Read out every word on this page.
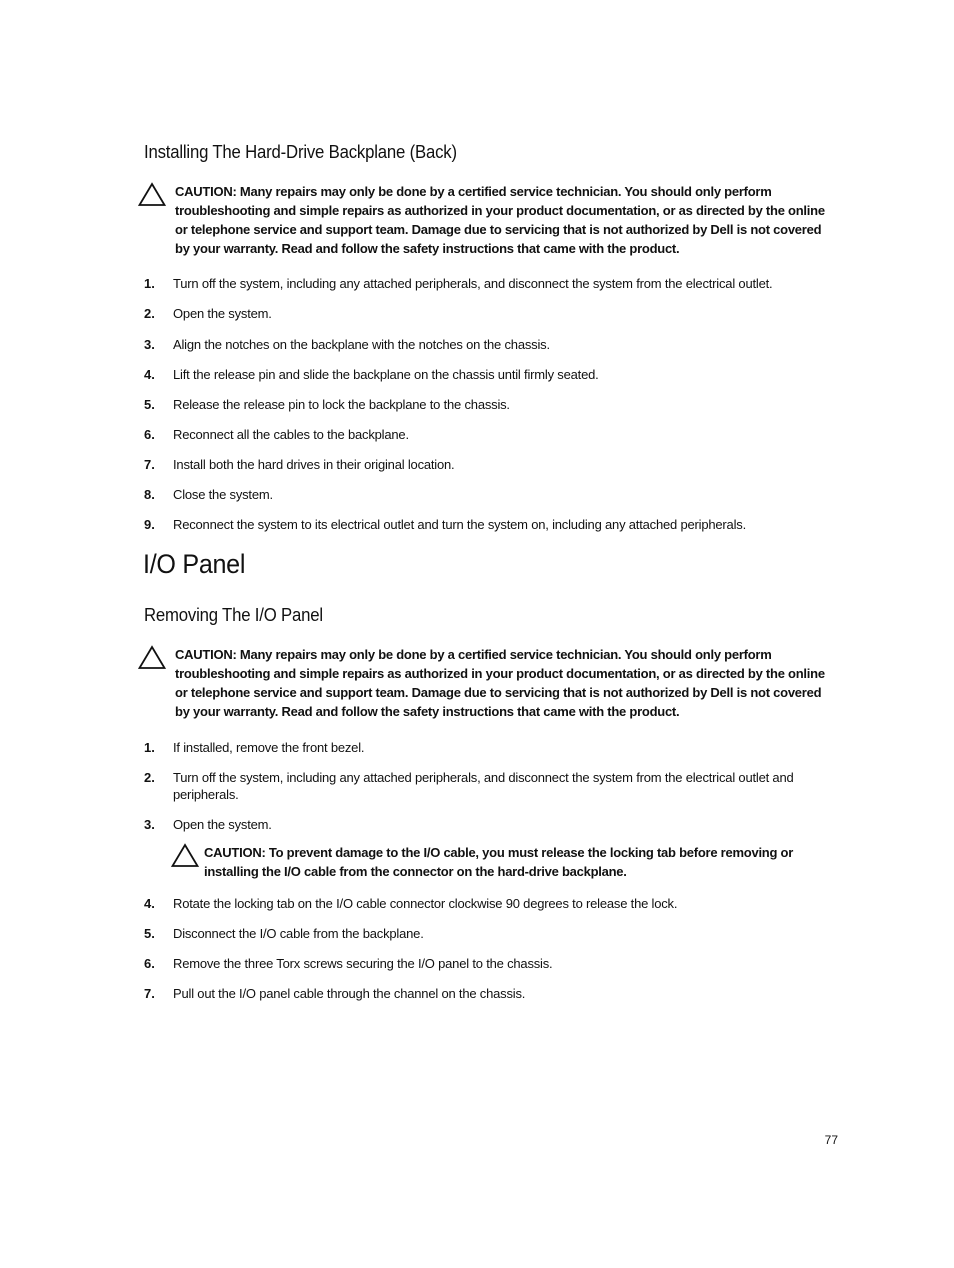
Installing The Hard-Drive Backplane (Back)

CAUTION: Many repairs may only be done by a certified service technician. You should only perform troubleshooting and simple repairs as authorized in your product documentation, or as directed by the online or telephone service and support team. Damage due to servicing that is not authorized by Dell is not covered by your warranty. Read and follow the safety instructions that came with the product.

1. Turn off the system, including any attached peripherals, and disconnect the system from the electrical outlet.

2. Open the system.

3. Align the notches on the backplane with the notches on the chassis.

4. Lift the release pin and slide the backplane on the chassis until firmly seated.

5. Release the release pin to lock the backplane to the chassis.

6. Reconnect all the cables to the backplane.

7. Install both the hard drives in their original location.

8. Close the system.

9. Reconnect the system to its electrical outlet and turn the system on, including any attached peripherals.

I/O Panel
Removing The I/O Panel

CAUTION: Many repairs may only be done by a certified service technician. You should only perform troubleshooting and simple repairs as authorized in your product documentation, or as directed by the online or telephone service and support team. Damage due to servicing that is not authorized by Dell is not covered by your warranty. Read and follow the safety instructions that came with the product.

1. If installed, remove the front bezel.

2. Turn off the system, including any attached peripherals, and disconnect the system from the electrical outlet and peripherals.

3. Open the system.

CAUTION: To prevent damage to the I/O cable, you must release the locking tab before removing or installing the I/O cable from the connector on the hard-drive backplane.

4. Rotate the locking tab on the I/O cable connector clockwise 90 degrees to release the lock.

5. Disconnect the I/O cable from the backplane.

6. Remove the three Torx screws securing the I/O panel to the chassis.

7. Pull out the I/O panel cable through the channel on the chassis.

77
